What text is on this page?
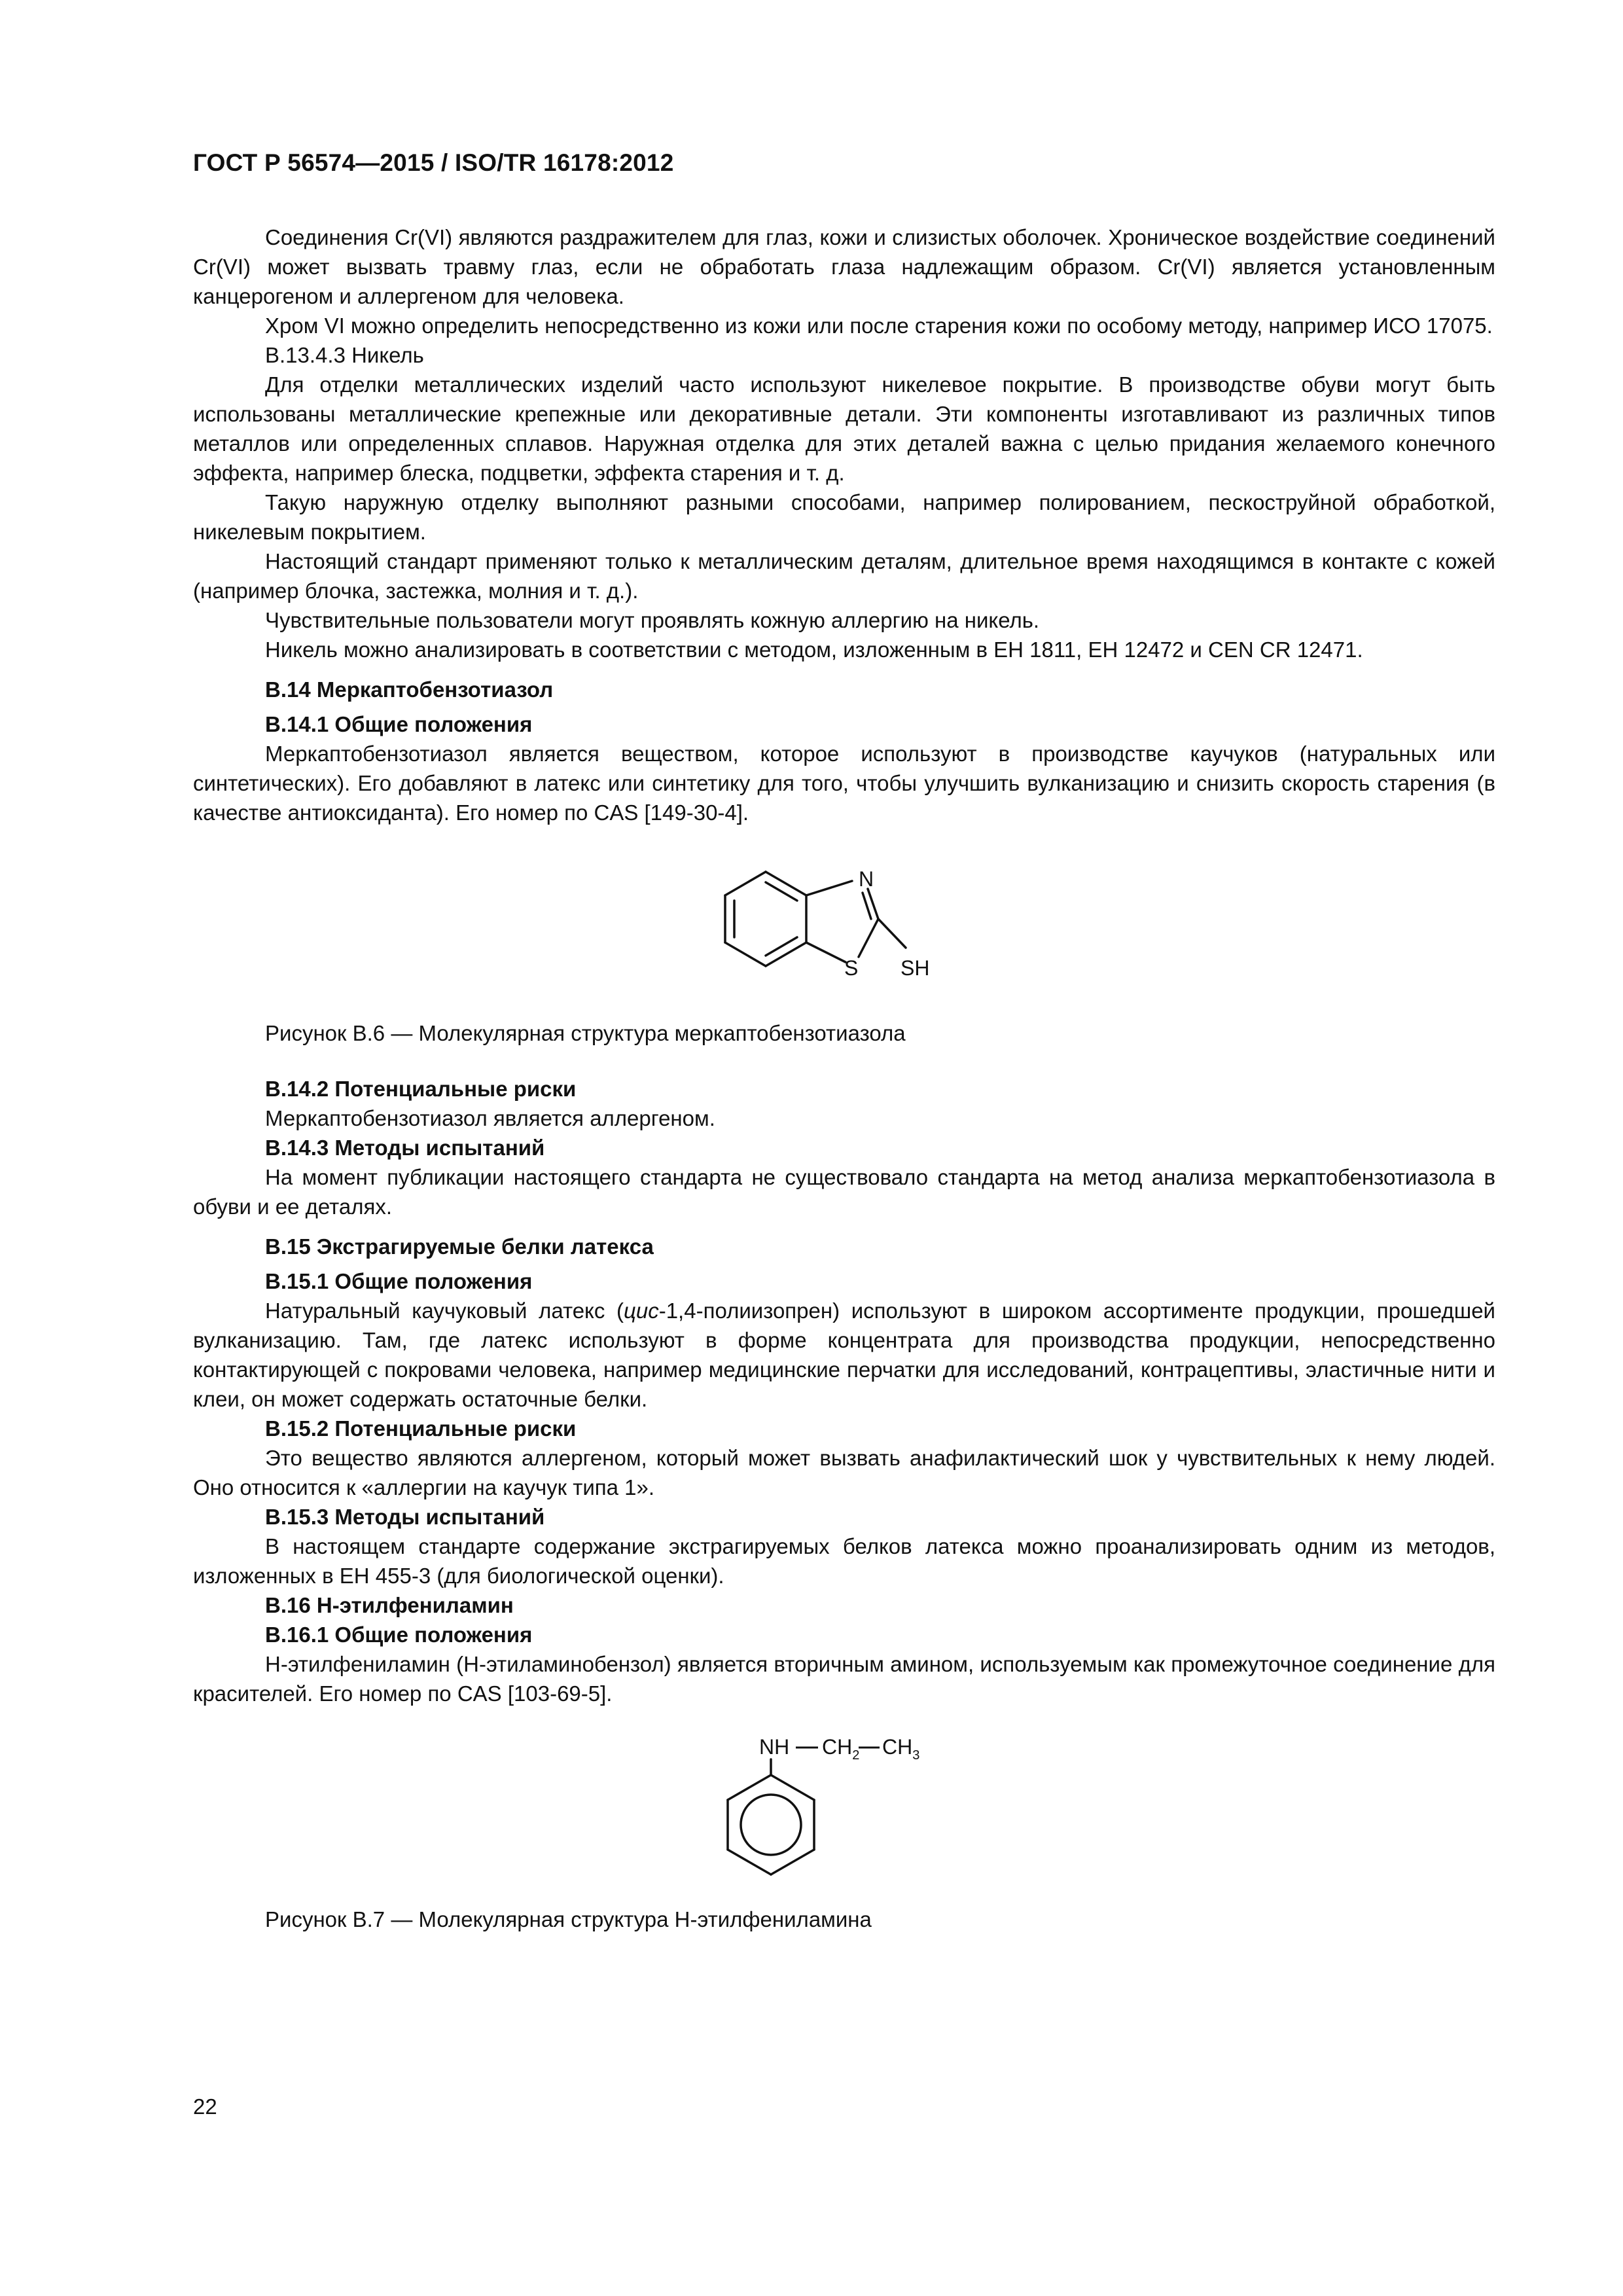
ГОСТ Р 56574—2015 / ISO/TR 16178:2012

Соединения Cr(VI) являются раздражителем для глаз, кожи и слизистых оболочек. Хроническое воздействие соединений Cr(VI) может вызвать травму глаз, если не обработать глаза надлежащим образом. Cr(VI) является установленным канцерогеном и аллергеном для человека.

Хром VI можно определить непосредственно из кожи или после старения кожи по особому методу, например ИСО 17075.

В.13.4.3 Никель

Для отделки металлических изделий часто используют никелевое покрытие. В производстве обуви могут быть использованы металлические крепежные или декоративные детали. Эти компоненты изготавливают из различных типов металлов или определенных сплавов. Наружная отделка для этих деталей важна с целью придания желаемого конечного эффекта, например блеска, подцветки, эффекта старения и т. д.

Такую наружную отделку выполняют разными способами, например полированием, пескоструйной обработкой, никелевым покрытием.

Настоящий стандарт применяют только к металлическим деталям, длительное время находящимся в контакте с кожей (например блочка, застежка, молния и т. д.).

Чувствительные пользователи могут проявлять кожную аллергию на никель.

Никель можно анализировать в соответствии с методом, изложенным в ЕН 1811, ЕН 12472 и CEN CR 12471.

В.14 Меркаптобензотиазол
В.14.1 Общие положения

Меркаптобензотиазол является веществом, которое используют в производстве каучуков (натуральных или синтетических). Его добавляют в латекс или синтетику для того, чтобы улучшить вулканизацию и снизить скорость старения (в качестве антиоксиданта). Его номер по CAS [149-30-4].

N
S SH

Рисунок В.6 — Молекулярная структура меркаптобензотиазола

В.14.2 Потенциальные риски

Меркаптобензотиазол является аллергеном.

В.14.3 Методы испытаний

На момент публикации настоящего стандарта не существовало стандарта на метод анализа меркаптобензотиазола в обуви и ее деталях.

В.15 Экстрагируемые белки латекса
В.15.1 Общие положения

Натуральный каучуковый латекс (цис-1,4-полиизопрен) используют в широком ассортименте продукции, прошедшей вулканизацию. Там, где латекс используют в форме концентрата для производства продукции, непосредственно контактирующей с покровами человека, например медицинские перчатки для исследований, контрацептивы, эластичные нити и клеи, он может содержать остаточные белки.

В.15.2 Потенциальные риски

Это вещество являются аллергеном, который может вызвать анафилактический шок у чувствительных к нему людей. Оно относится к «аллергии на каучук типа 1».

В.15.3 Методы испытаний

В настоящем стандарте содержание экстрагируемых белков латекса можно проанализировать одним из методов, изложенных в ЕН 455-3 (для биологической оценки).

В.16 Н-этилфениламин
В.16.1 Общие положения

Н-этилфениламин (Н-этиламинобензол) является вторичным амином, используемым как промежуточное соединение для красителей. Его номер по CAS [103-69-5].

NH $CH_2$ $CH_3$

Рисунок В.7 — Молекулярная структура Н-этилфениламина

22
